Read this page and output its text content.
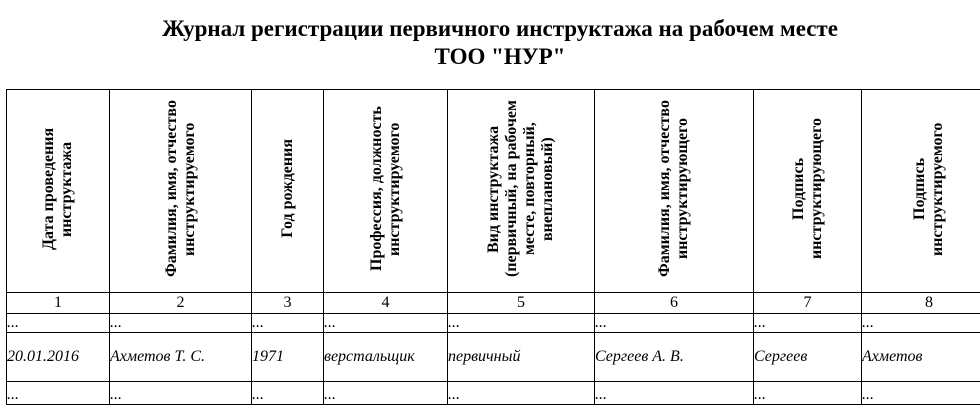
Журнал регистрации первичного инструктажа на рабочем месте
ТОО "НУР"
Дата проведения инструктажа	Фамилия, имя, отчество инструктируемого	Год рождения	Профессия, должность инструктируемого	Вид инструктажа (первичный, на рабочем месте, повторный, внеплановый)	Фамилия, имя, отчество инструктирующего	Подпись инструктирующего	Подпись инструктируемого
1	2	3	4	5	6	7	8
...	...	...	...	...	...	...	...
20.01.2016	Ахметов Т. С.	1971	верстальщик	первичный	Сергеев А. В.	Сергеев	Ахметов
...	...	...	...	...	...	...	...
